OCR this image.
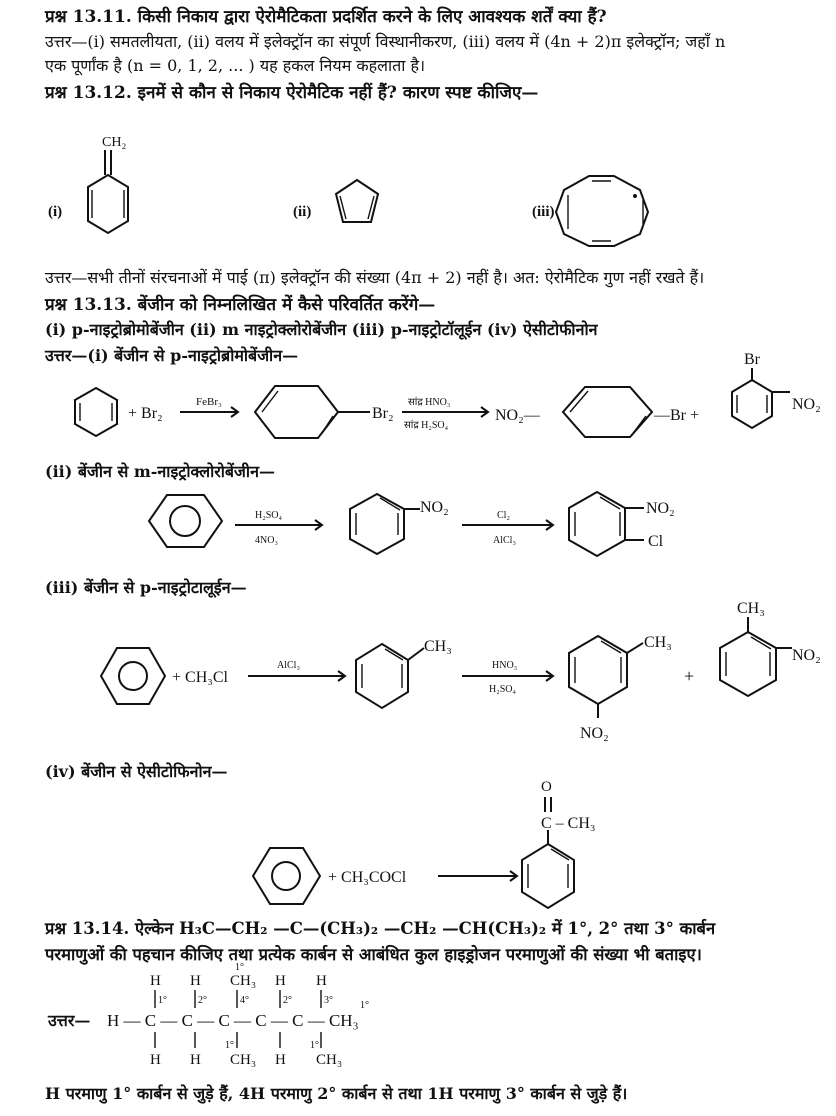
प्रश्न 13.11. किसी निकाय द्वारा ऐरोमैटिकता प्रदर्शित करने के लिए आवश्यक शर्तें क्या हैं?
उत्तर—(i) समतलीयता, (ii) वलय में इलेक्ट्रॉन का संपूर्ण विस्थानीकरण, (iii) वलय में (4n + 2)π इलेक्ट्रॉन; जहाँ n
एक पूर्णांक है (n = 0, 1, 2, ... ) यह हकल नियम कहलाता है।
प्रश्न 13.12. इनमें से कौन से निकाय ऐरोमैटिक नहीं हैं? कारण स्पष्ट कीजिए—
उत्तर—सभी तीनों संरचनाओं में पाई (π) इलेक्ट्रॉन की संख्या (4π + 2) नहीं है। अत: ऐरोमैटिक गुण नहीं रखते हैं।
प्रश्न 13.13. बेंजीन को निम्नलिखित में कैसे परिवर्तित करेंगे—
(i) p-नाइट्रोब्रोमोबेंजीन (ii) m नाइट्रोक्लोरोबेंजीन (iii) p-नाइट्रोटॉलूईन (iv) ऐसीटोफीनोन
उत्तर—(i) बेंजीन से p-नाइट्रोब्रोमोबेंजीन—
(ii) बेंजीन से m-नाइट्रोक्लोरोबेंजीन—
(iii) बेंजीन से p-नाइट्रोटालूईन—
(iv) बेंजीन से ऐसीटोफिनोन—
प्रश्न 13.14. ऐल्केन H₃C—CH₂ —C—(CH₃)₂ —CH₂ —CH(CH₃)₂ में 1°, 2° तथा 3° कार्बन
परमाणुओं की पहचान कीजिए तथा प्रत्येक कार्बन से आबंधित कुल हाइड्रोजन परमाणुओं की संख्या भी बताइए।
H परमाणु 1° कार्बन से जुड़े हैं, 4H परमाणु 2° कार्बन से तथा 1H परमाणु 3° कार्बन से जुड़े हैं।
CH₂
(i)	(ii)	(iii)
+ Br₂
FeBr₃
Br₂
सांद्र HNO₃
सांद्र H₂SO₄
NO₂—	—Br +
Br
NO₂
H₂SO₄
4NO₃
NO₂	Cl₂
AlCl₃
NO₂
Cl
+ CH₃Cl
AlCl₃
CH₃
HNO₃
H₂SO₄
CH₃
NO₂
+
CH₃
NO₂
+ CH₃COCl
O
C – CH₃
उत्तर— H — C — C — C — C — C — CH₃
H H CH₃ H H
1°
1°	2°	4°	2°	3°	1°
H H CH₃ H CH₃
1°	1°
